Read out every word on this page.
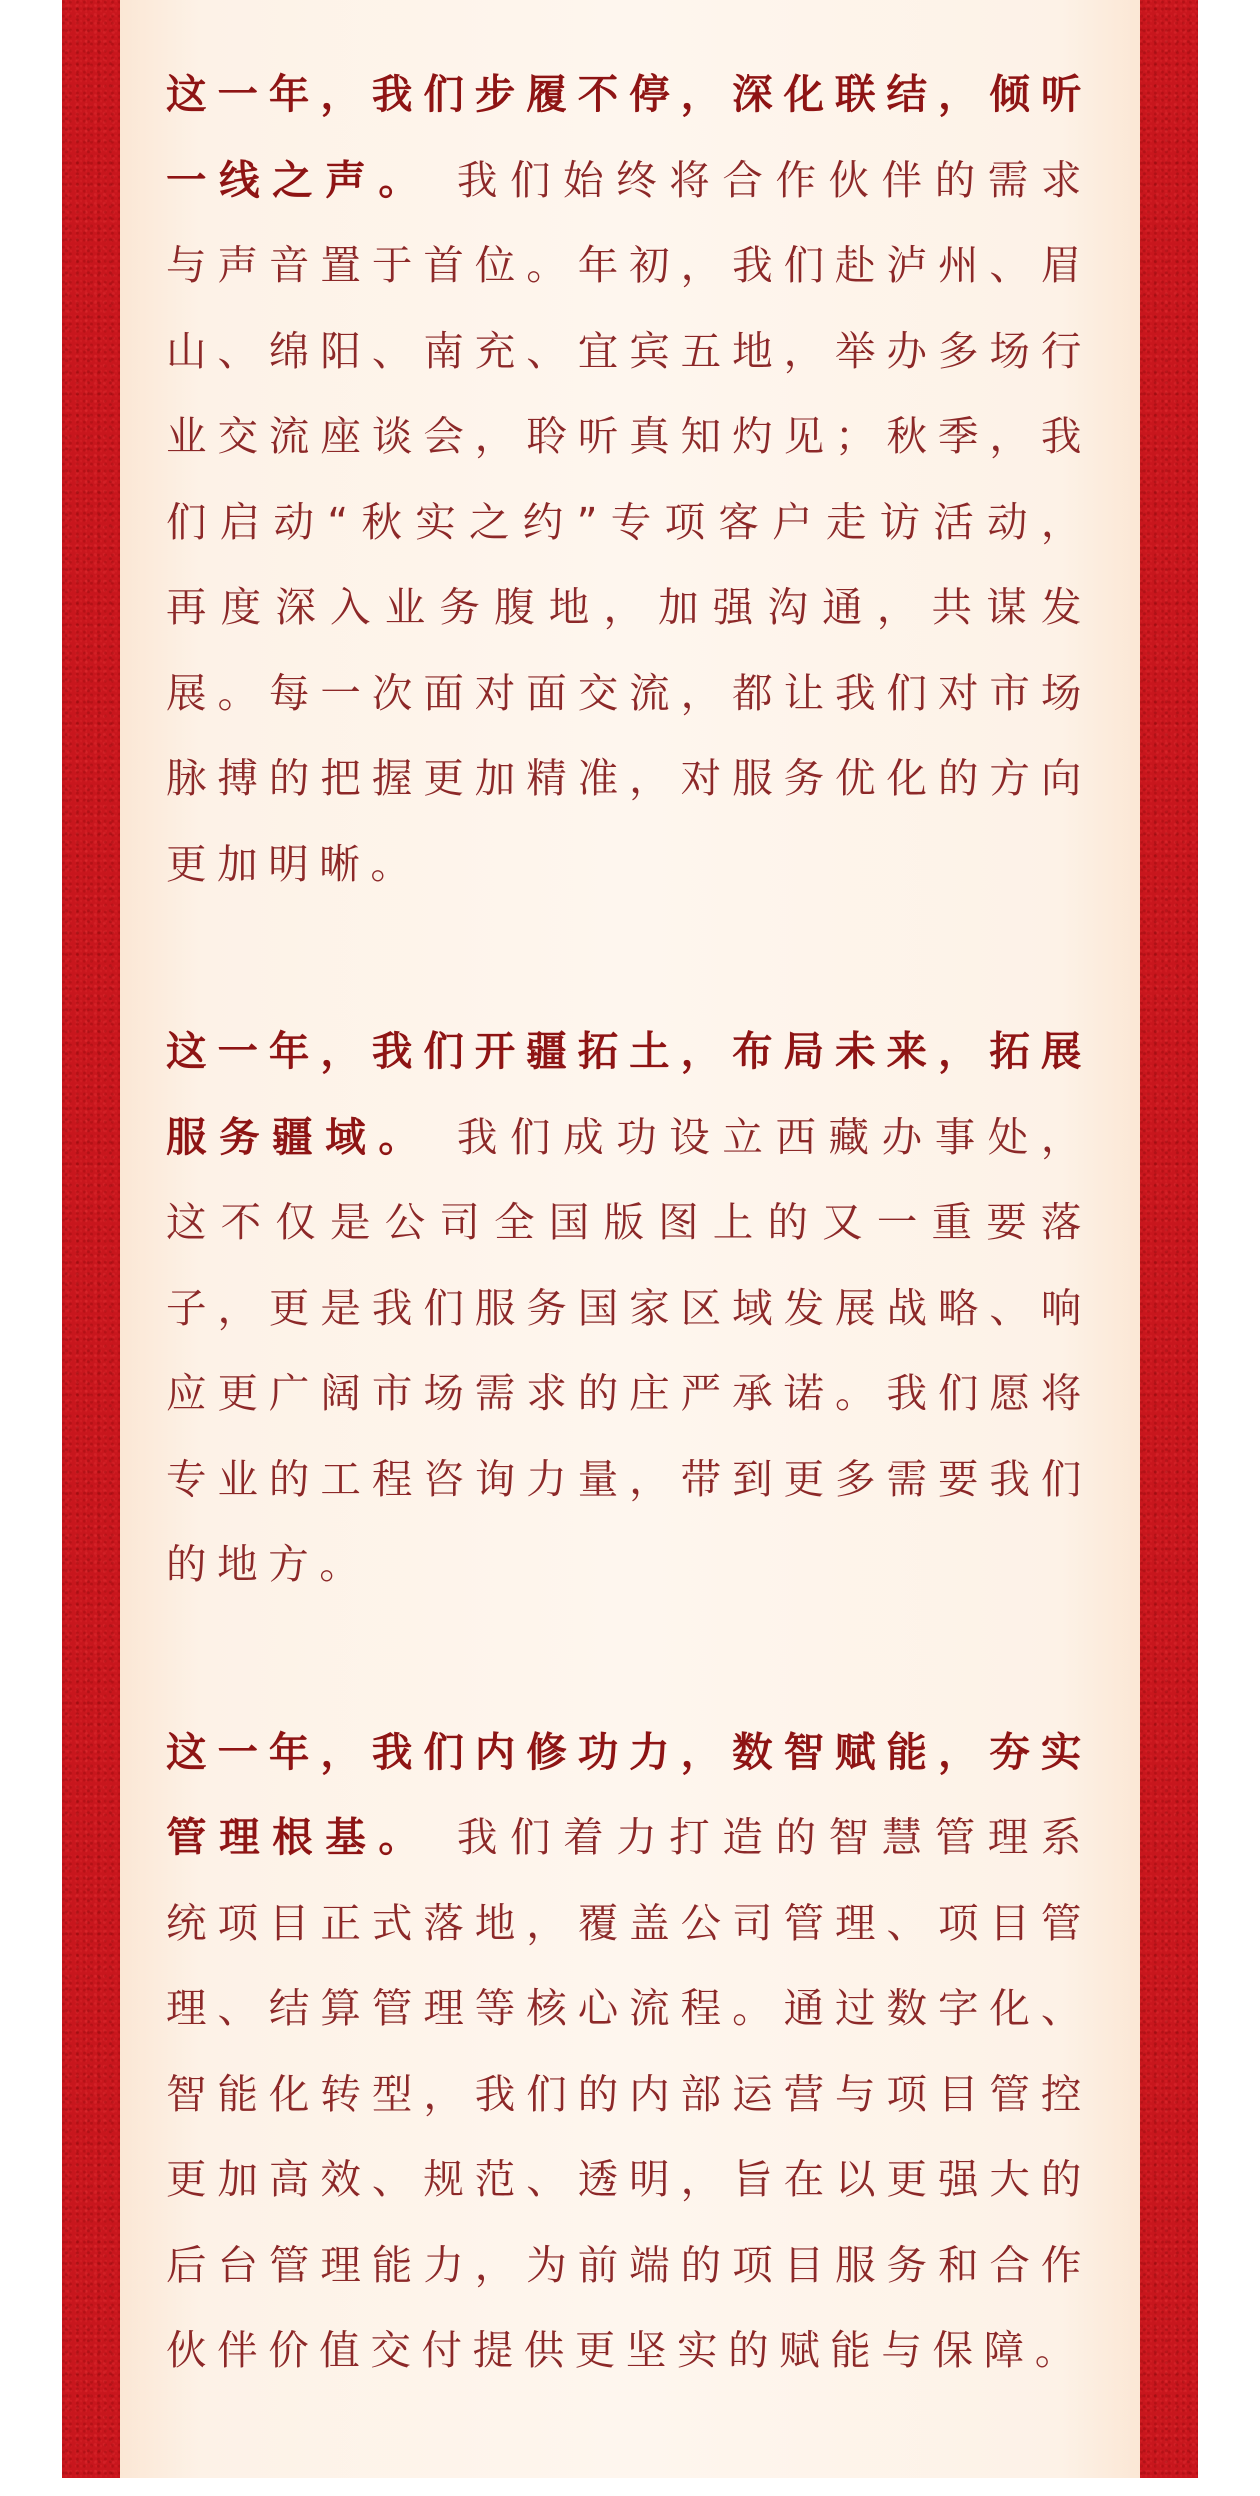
这一年，我们步履不停，深化联结，倾听一线之声。 我们始终将合作伙伴的需求与声音置于首位。年初，我们赴泸州、眉山、绵阳、南充、宜宾五地，举办多场行业交流座谈会，聆听真知灼见；秋季，我们启动“秋实之约”专项客户走访活动，再度深入业务腹地，加强沟通，共谋发展。每一次面对面交流，都让我们对市场脉搏的把握更加精准，对服务优化的方向更加明晰。

这一年，我们开疆拓土，布局未来，拓展服务疆域。 我们成功设立西藏办事处，这不仅是公司全国版图上的又一重要落子，更是我们服务国家区域发展战略、响应更广阔市场需求的庄严承诺。我们愿将专业的工程咨询力量，带到更多需要我们的地方。

这一年，我们内修功力，数智赋能，夯实管理根基。 我们着力打造的智慧管理系统项目正式落地，覆盖公司管理、项目管理、结算管理等核心流程。通过数字化、智能化转型，我们的内部运营与项目管控更加高效、规范、透明，旨在以更强大的后台管理能力，为前端的项目服务和合作伙伴价值交付提供更坚实的赋能与保障。
